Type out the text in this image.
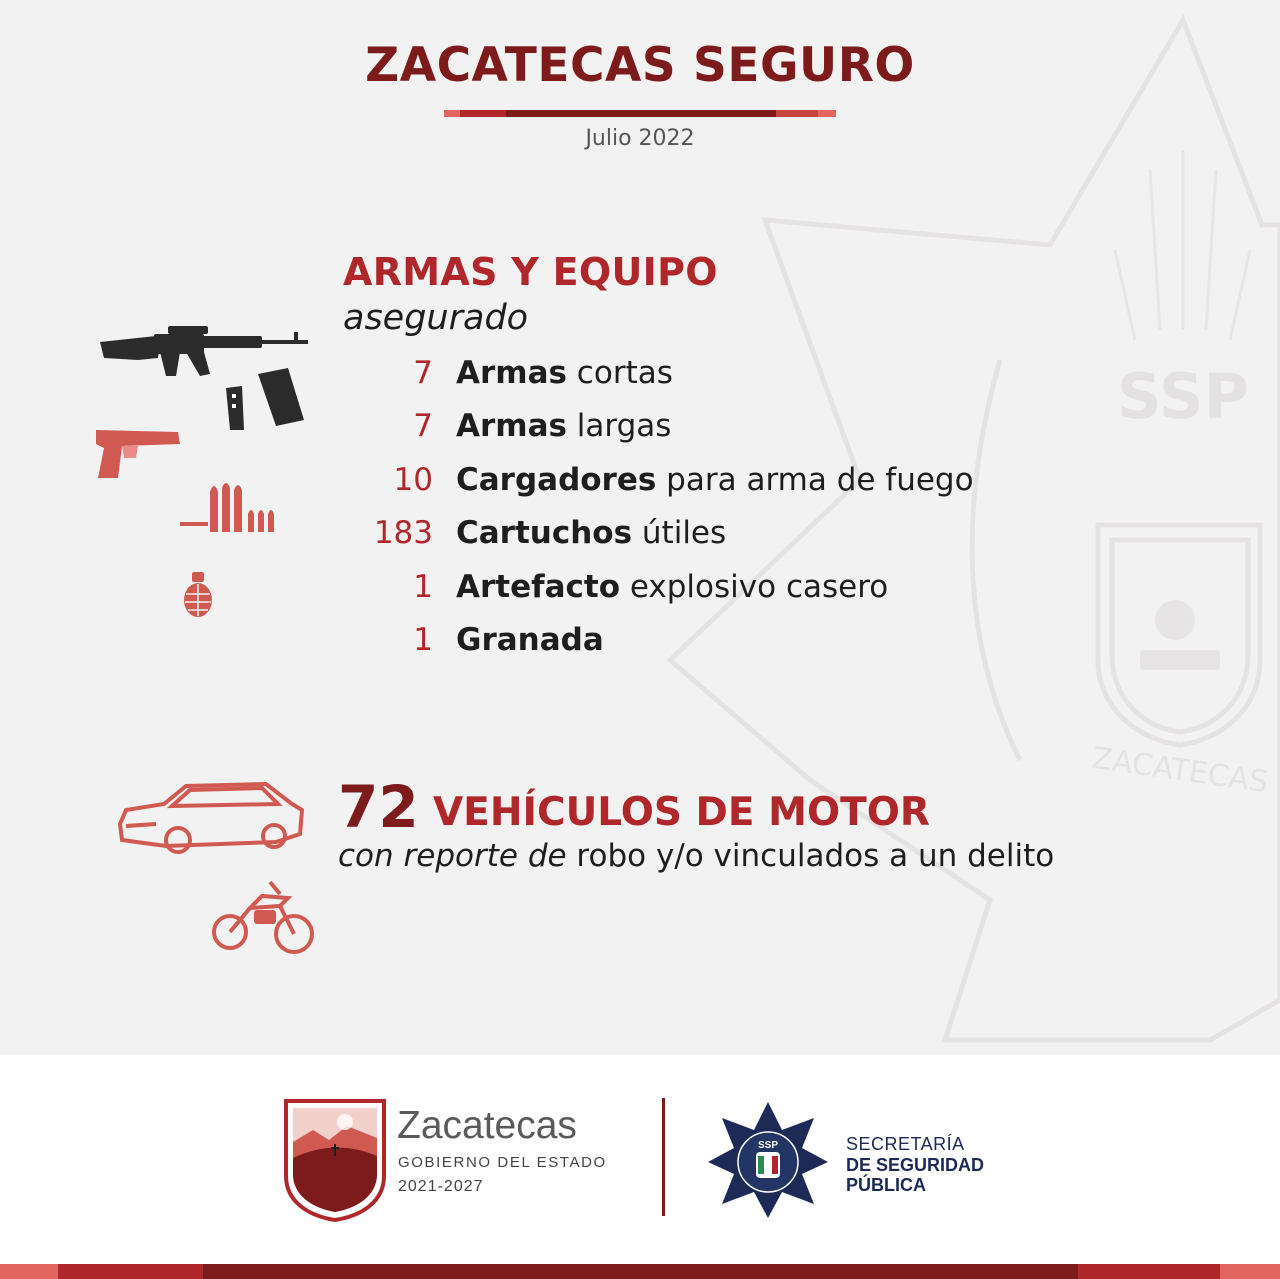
SSP
ZACATECAS
ZACATECAS SEGURO
Julio 2022
ARMAS Y EQUIPO
asegurado
7 Armas cortas
7 Armas largas
10 Cargadores para arma de fuego
183 Cartuchos útiles
1 Artefacto explosivo casero
1 Granada
72 VEHÍCULOS DE MOTOR
con reporte de robo y/o vinculados a un delito
Zacatecas
GOBIERNO DEL ESTADO
2021-2027
SSP	SECRETARÍA
DE SEGURIDAD
PÚBLICA
